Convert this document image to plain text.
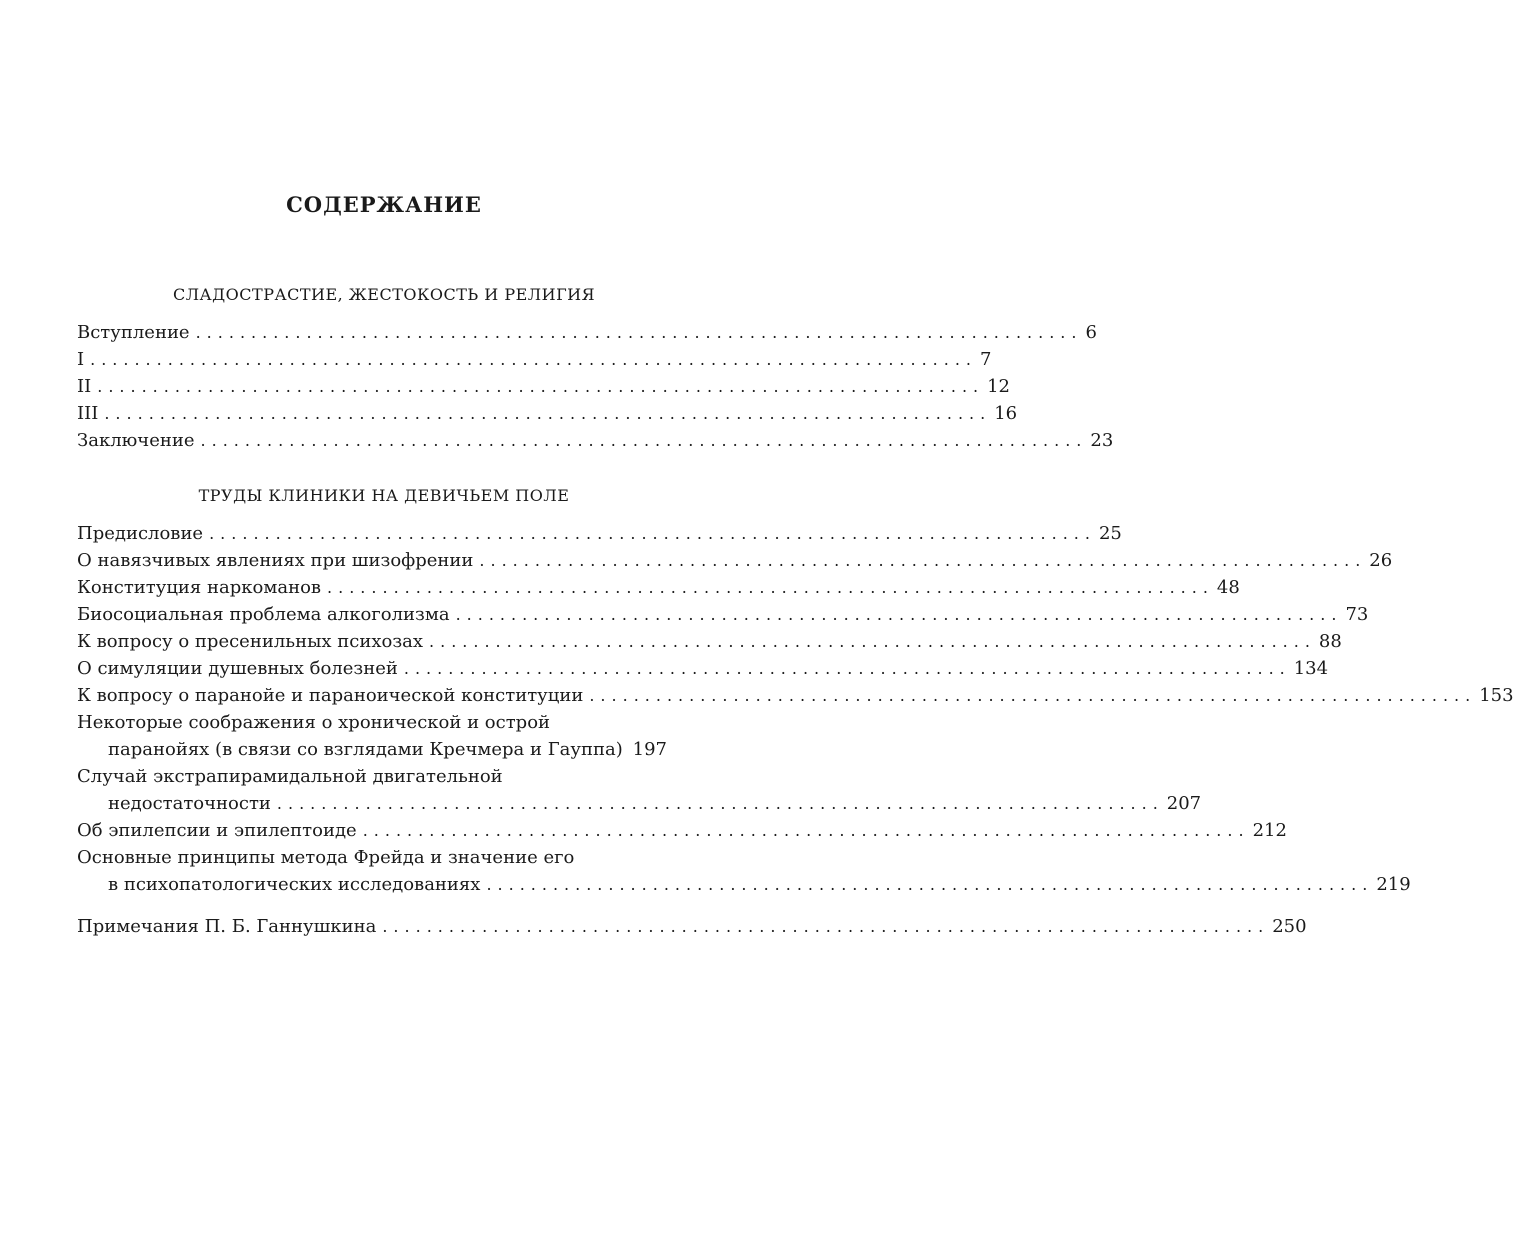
СОДЕРЖАНИЕ
СЛАДОСТРАСТИЕ, ЖЕСТОКОСТЬ И РЕЛИГИЯ
Вступление ................................................................................ 6
I ................................................................................ 7
II ................................................................................ 12
III ................................................................................ 16
Заключение ................................................................................ 23
ТРУДЫ КЛИНИКИ НА ДЕВИЧЬЕМ ПОЛЕ
Предисловие ................................................................................ 25
О навязчивых явлениях при шизофрении ................................................................................ 26
Конституция наркоманов ................................................................................ 48
Биосоциальная проблема алкоголизма ................................................................................ 73
К вопросу о пресенильных психозах ................................................................................ 88
О симуляции душевных болезней ................................................................................ 134
К вопросу о паранойе и параноической конституции ................................................................................ 153
Некоторые соображения о хронической и острой
паранойях (в связи со взглядами Кречмера и Гауппа) 197
Случай экстрапирамидальной двигательной
недостаточности ................................................................................ 207
Об эпилепсии и эпилептоиде ................................................................................ 212
Основные принципы метода Фрейда и значение его
в психопатологических исследованиях ................................................................................ 219
Примечания П. Б. Ганнушкина ................................................................................ 250
